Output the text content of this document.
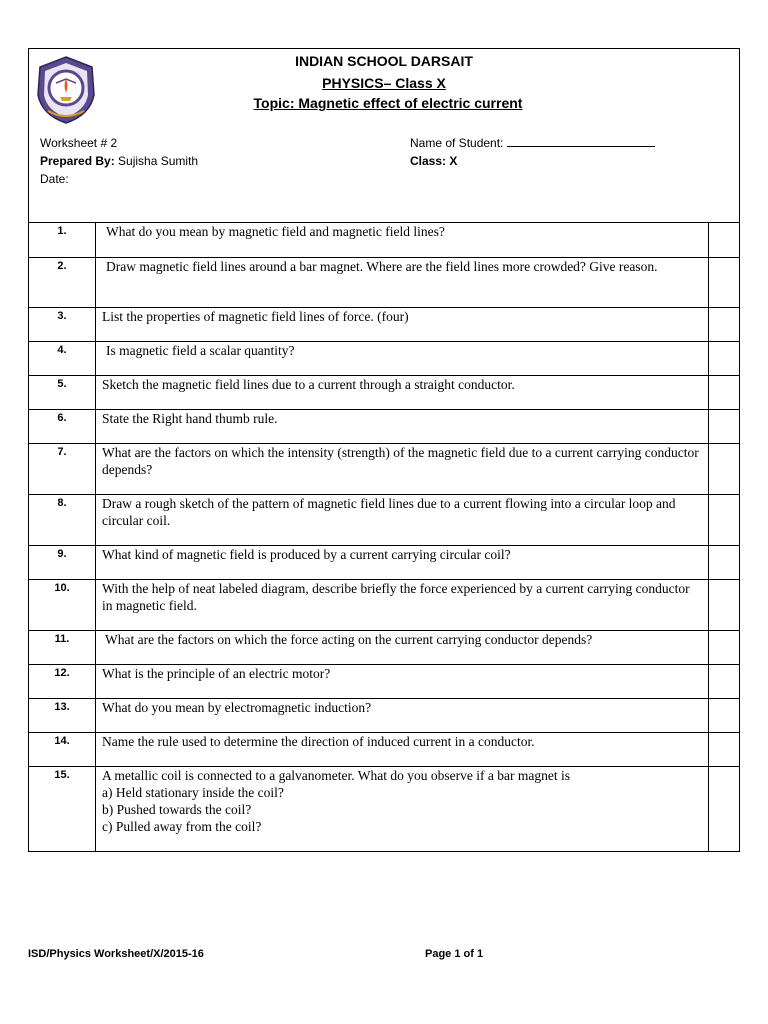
INDIAN SCHOOL DARSAIT
PHYSICS– Class X
Topic: Magnetic effect of electric current
Worksheet # 2
Prepared By: Sujisha Sumith
Date:
Name of Student:
Class: X
1.	What do you mean by magnetic field and magnetic field lines?	
2.	Draw magnetic field lines around a bar magnet. Where are the field lines more crowded? Give reason.	
3.	List the properties of magnetic field lines of force. (four)	
4.	Is magnetic field a scalar quantity?	
5.	Sketch the magnetic field lines due to a current through a straight conductor.	
6.	State the Right hand thumb rule.	
7.	What are the factors on which the intensity (strength) of the magnetic field due to a current carrying conductor depends?	
8.	Draw a rough sketch of the pattern of magnetic field lines due to a current flowing into a circular loop and circular coil.	
9.	What kind of magnetic field is produced by a current carrying circular coil?	
10.	With the help of neat labeled diagram, describe briefly the force experienced by a current carrying conductor in magnetic field.	
11.	What are the factors on which the force acting on the current carrying conductor depends?	
12.	What is the principle of an electric motor?	
13.	What do you mean by electromagnetic induction?	
14.	Name the rule used to determine the direction of induced current in a conductor.	
15.	A metallic coil is connected to a galvanometer. What do you observe if a bar magnet is
a) Held stationary inside the coil?
b) Pushed towards the coil?
c) Pulled away from the coil?	

ISD/Physics Worksheet/X/2015-16	Page 1 of 1
